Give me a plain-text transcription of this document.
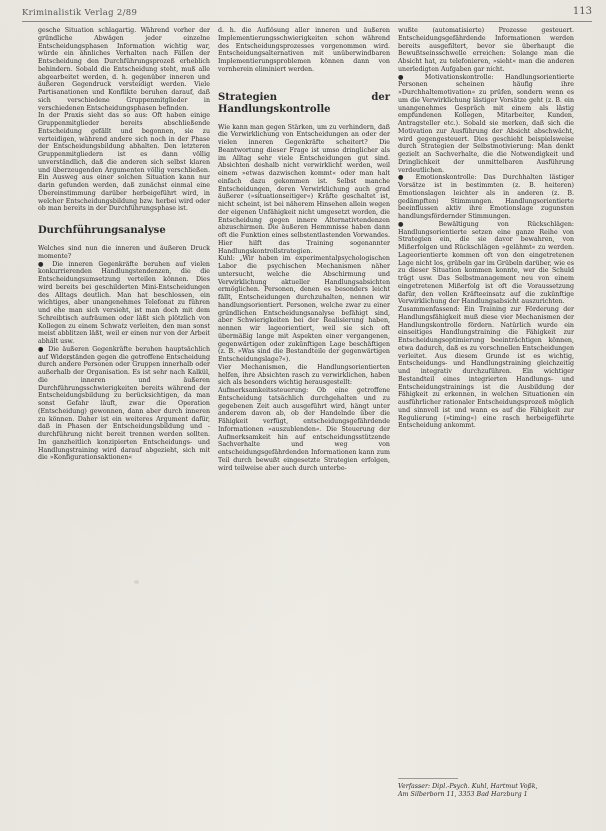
Kriminalistik Verlag 2/89	113

gesche Situation schlagartig. Während vorher der gründliche Abwägen jeder einzelne Entscheidungsphasen Information wichtig war, würde ein ähnliches Verhalten nach Fällen der Entscheidung den Durchführungsprozeß erheblich behindern. Sobald die Entscheidung steht, muß alle abgearbeitet werden, d. h. gegenüber inneren und äußeren Gegendruck versteidigt werden. Viele Partisanationen und Konflikte beruhen darauf, daß sich verschiedene Gruppenmitglieder in verschiedenen Entscheidungsphasen befinden.

In der Praxis sieht das so aus: Oft haben einige Gruppenmitglieder bereits abschließende Entscheidung gefällt und begonnen, sie zu verteidigen, während andere sich noch in der Phase der Entscheidungsbildung abhalten. Den letzteren Gruppenmitgliedern ist es dann völlig unverständlich, daß die anderen sich selbst klaren und überzeugenden Argumenten völlig verschließen. Ein Ausweg aus einer solchen Situation kann nur darin gefunden werden, daß zunächst einmal eine Übereinstimmung darüber herbeigeführt wird, in welcher Entscheidungsbildung bzw. herbei wird oder ob man bereits in der Durchführungsphase ist.

Durchführungsanalyse

Welches sind nun die inneren und äußeren Druck momente?

● Die inneren Gegenkräfte beruhen auf vielen konkurrierenden Handlungstendenzen, die die Entscheidungsumsetzung verteilen können. Dies wird bereits bei geschilderten Mini-Entscheidungen des Alltags deutlich. Man hat beschlossen, ein wichtiges, aber unangenehmes Telefonat zu führen und ehe man sich versieht, ist man doch mit dem Schreibtisch aufräumen oder läßt sich plötzlich von Kollegen zu einem Schwatz verleiten, den man sonst meist abblitzen läßt, weil er einen nur von der Arbeit abhält usw.

● Die äußeren Gegenkräfte beruhen hauptsächlich auf Widerständen gegen die getroffene Entscheidung durch andere Personen oder Gruppen innerhalb oder außerhalb der Organisation. Es ist sehr nach Kalkül, die inneren und äußeren Durchführungsschwierigkeiten bereits während der Entscheidungsbildung zu berücksichtigen, da man sonst Gefahr läuft, zwar die Operation (Entscheidung) gewonnen, dann aber durch inneren zu können. Daher ist ein weiteres Argument dafür, daß in Phasen der Entscheidungsbildung und -durchführung nicht bereit trennen werden sollten. Im ganzheitlich konzipierten Entscheidungs- und Handlungstraining wird darauf abgezieht, sich mit die »Konfigurationsaktionen«

d. h. die Auflösung aller inneren und äußeren Implementierungsschwierigkeiten schon während des Entscheidungsprozesses vorgenommen wird. Entscheidungsalternativen mit unüberwindbaren Implementierungsproblemen können dann von vornherein eliminiert werden.

Strategien der Handlungskontrolle

Wie kann man gegen Stärken, um zu verhindern, daß die Verwirklichung von Entscheidungen an oder der vielen inneren Gegenkräfte scheitert? Die Beantwortung dieser Frage ist umso dringlicher als im Alltag sehr viele Entscheidungen gut sind. Absichten deshalb nicht verwirklicht werden, weil einem »etwas dazwischen kommt« oder man halt einfach dazu gekommen ist. Selbst manche Entscheidungen, deren Verwirklichung auch grad äußerer (»situationseitiger«) Kräfte geschaltet ist, nicht scheint, ist bei näherem Hinsehen allein wegen der eigenen Unfähigkeit nicht umgesetzt worden, die Entscheidung gegen innere Alternativtendenzen abzuschirmen. Die äußeren Hemmnisse haben dann oft die Funktion eines selbstentlastenden Vorwandes. Hier hilft das Training sogenannter Handlungskontrollstrategien.

Kuhl: „Wir haben im experimentalpsychologischen Labor die psychischen Mechanismen näher untersucht, welche die Abschirmung und Verwirklichung aktueller Handlungsabsichten ermöglichen. Personen, denen es besonders leicht fällt, Entscheidungen durchzuhalten, nennen wir handlungsorientiert. Personen, welche zwar zu einer gründlichen Entscheidungsanalyse befähigt sind, aber Schwierigkeiten bei der Realisierung haben, nennen wir lageorientiert, weil sie sich oft übermäßig lange mit Aspekten einer vergangenen, gegenwärtigen oder zukünftigen Lage beschäftigen (z. B. »Was sind die Bestandteile der gegenwärtigen Entscheidungslage?«).

Vier Mechanismen, die Handlungsorientierten helfen, ihre Absichten rasch zu verwirklichen, haben sich als besonders wichtig herausgestellt:

Aufmerksamkeitssteuerung: Ob eine getroffene Entscheidung tatsächlich durchgehalten und zu gegebenen Zeit auch ausgeführt wird, hängt unter anderem davon ab, ob der Handelnde über die Fähigkeit verfügt, entscheidungsgefährdende Informationen »auszublenden«. Die Steuerung der Aufmerksamkeit hin auf entscheidungsstützende Sachverhalte und weg von entscheidungsgefährdenden Informationen kann zum Teil durch bewußt eingesetzte Strategien erfolgen, wird teilweise aber auch durch unterbe-

wußte (automatisierte) Prozesse gesteuert. Entscheidungsgefährdende Informationen werden bereits ausgefiltert, bevor sie überhaupt die Bewußtseinsschwelle erreichen: Solange man die Absicht hat, zu telefonieren, »sieht« man die anderen unerledigten Aufgaben gar nicht.

● Motivationskontrolle: Handlungsorientierte Personen scheinen häufig ihre »Durchhaltemotivation« zu prüfen, sondern wenn es um die Verwirklichung lästiger Vorsätze geht (z. B. ein unangenehmes Gespräch mit einem als lästig empfundenen Kollegen, Mitarbeiter, Kunden, Antragsteller etc.). Sobald sie merken, daß sich die Motivation zur Ausführung der Absicht abschwächt, wird gegengesteuert. Dies geschieht beispielsweise durch Strategien der Selbstmotivierung: Man denkt gezielt an Sachverhalte, die die Notwendigkeit und Dringlichkeit der unmittelbaren Ausführung verdeutlichen.

● Emotionskontrolle: Das Durchhalten lästiger Vorsätze ist in bestimmten (z. B. heiteren) Emotionslagen leichter als in anderen (z. B. gedämpften) Stimmungen. Handlungsorientierte beeinflussen aktiv ihre Emotionslage zugunsten handlungsfördernder Stimmungen.

● Bewältigung von Rückschlägen: Handlungsorientierte setzen eine ganze Reihe von Strategien ein, die sie davor bewahren, von Mißerfolgen und Rückschlägen »gelähmt« zu werden. Lageorientierte kommen oft von den eingetretenen Lage nicht los, grübeln gar im Grübeln darüber, wie es zu dieser Situation kommen konnte, wer die Schuld trägt usw. Das Selbstmanagement neu von einem eingetretenen Mißerfolg ist oft die Voraussetzung dafür, den vollen Kräfteeinsatz auf die zukünftige Verwirklichung der Handlungsabsicht auszurichten.

Zusammenfassend: Ein Training zur Förderung der Handlungsfähigkeit muß diese vier Mechanismen der Handlungskontrolle fördern. Natürlich wurde ein einseitiges Handlungstraining die Fähigkeit zur Entscheidungsoptimierung beeinträchtigen können, etwa dadurch, daß es zu vorschnellen Entscheidungen verleitet. Aus diesem Grunde ist es wichtig, Entscheidungs- und Handlungstraining gleichzeitig und integrativ durchzuführen. Ein wichtiger Bestandteil eines integrierten Handlungs- und Entscheidungstrainings ist die Ausbildung der Fähigkeit zu erkennen, in welchen Situationen ein ausführlicher rationaler Entscheidungsprozeß möglich und sinnvoll ist und wann es auf die Fähigkeit zur Regulierung (»timing«) eine rasch herbeigeführte Entscheidung ankommt.

Verfasser: Dipl.-Psych. Kuhl, Hartmut Voßk,
Am Silberborn 11, 3353 Bad Harzburg 1
